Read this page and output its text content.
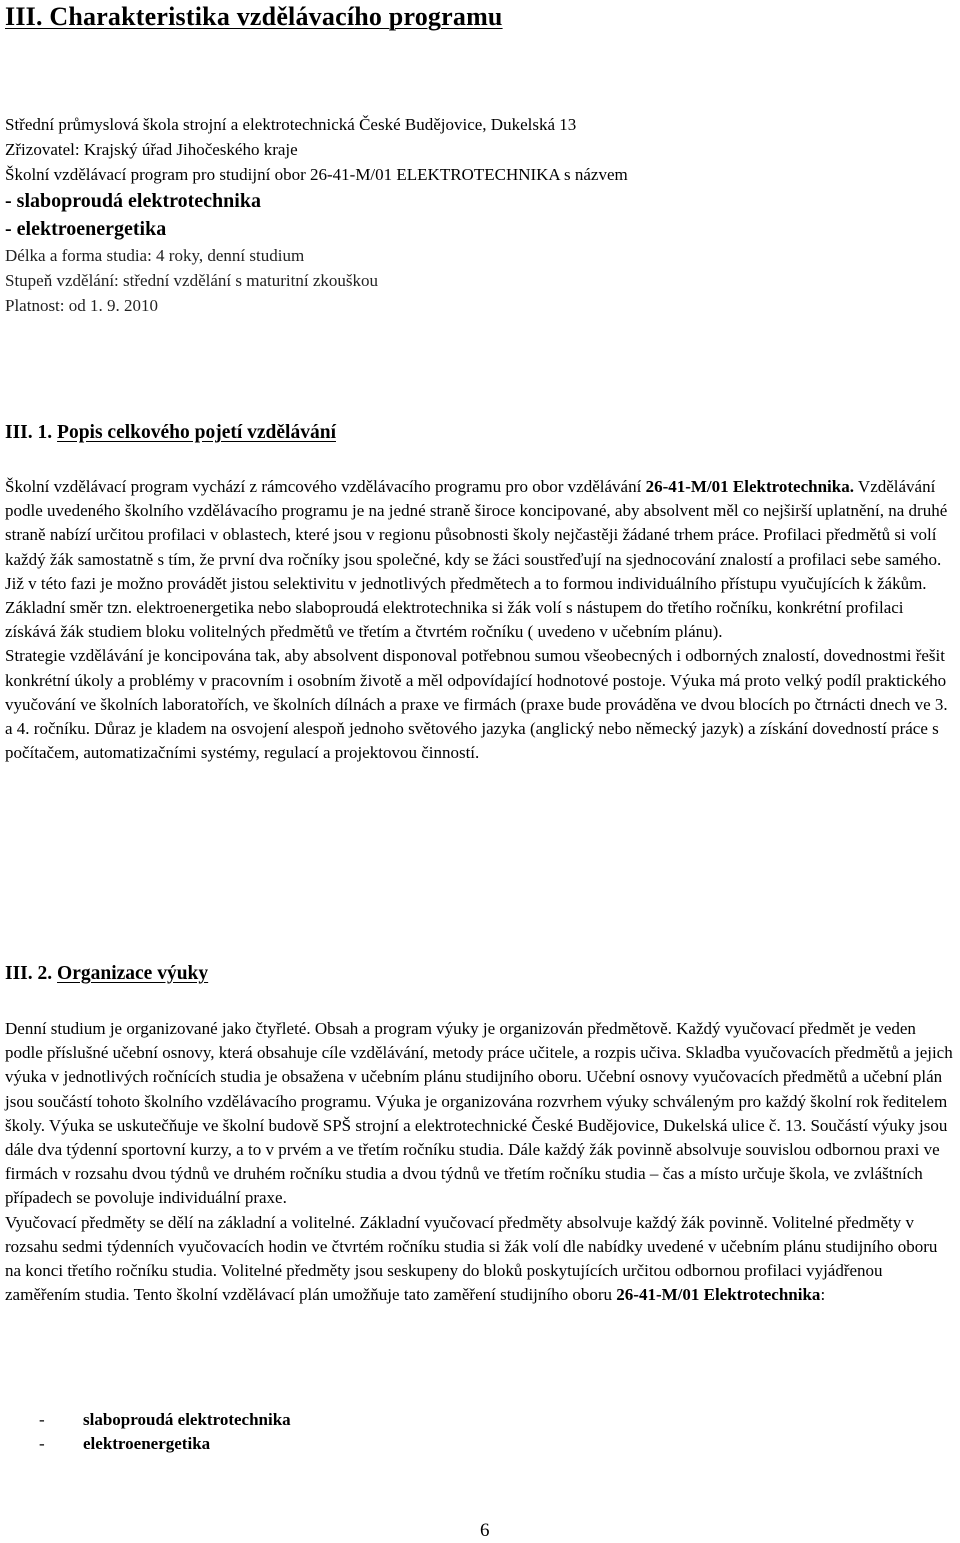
III. Charakteristika vzdělávacího programu
Střední průmyslová škola strojní a elektrotechnická České Budějovice, Dukelská 13
Zřizovatel: Krajský úřad Jihočeského kraje
Školní vzdělávací program pro studijní obor 26-41-M/01 ELEKTROTECHNIKA s názvem
- slaboproudá elektrotechnika
- elektroenergetika
Délka a forma studia: 4 roky, denní studium
Stupeň vzdělání: střední vzdělání s maturitní zkouškou
Platnost: od 1. 9. 2010
III. 1. Popis celkového pojetí vzdělávání

Školní vzdělávací program vychází z rámcového vzdělávacího programu pro obor vzdělávání 26-41-M/01 Elektrotechnika. Vzdělávání podle uvedeného školního vzdělávacího programu je na jedné straně široce koncipované, aby absolvent měl co nejširší uplatnění, na druhé straně nabízí určitou profilaci v oblastech, které jsou v regionu působnosti školy nejčastěji žádané trhem práce. Profilaci předmětů si volí každý žák samostatně s tím, že první dva ročníky jsou společné, kdy se žáci soustřeďují na sjednocování znalostí a profilaci sebe samého. Již v této fazi je možno provádět jistou selektivitu v jednotlivých předmětech a to formou individuálního přístupu vyučujících k žákům.

Základní směr tzn. elektroenergetika nebo slaboproudá elektrotechnika si žák volí s nástupem do třetího ročníku, konkrétní profilaci získává žák studiem bloku volitelných předmětů ve třetím a čtvrtém ročníku ( uvedeno v učebním plánu).

Strategie vzdělávání je koncipována tak, aby absolvent disponoval potřebnou sumou všeobecných i odborných znalostí, dovednostmi řešit konkrétní úkoly a problémy v pracovním i osobním životě a měl odpovídající hodnotové postoje. Výuka má proto velký podíl praktického vyučování ve školních laboratořích, ve školních dílnách a praxe ve firmách (praxe bude prováděna ve dvou blocích po čtrnácti dnech ve 3. a 4. ročníku. Důraz je kladem na osvojení alespoň jednoho světového jazyka (anglický nebo německý jazyk) a získání dovedností práce s počítačem, automatizačními systémy, regulací a projektovou činností.

III. 2. Organizace výuky

Denní studium je organizované jako čtyřleté. Obsah a program výuky je organizován předmětově. Každý vyučovací předmět je veden podle příslušné učební osnovy, která obsahuje cíle vzdělávání, metody práce učitele, a rozpis učiva. Skladba vyučovacích předmětů a jejich výuka v jednotlivých ročnících studia je obsažena v učebním plánu studijního oboru. Učební osnovy vyučovacích předmětů a učební plán jsou součástí tohoto školního vzdělávacího programu. Výuka je organizována rozvrhem výuky schváleným pro každý školní rok ředitelem školy. Výuka se uskutečňuje ve školní budově SPŠ strojní a elektrotechnické České Budějovice, Dukelská ulice č. 13. Součástí výuky jsou dále dva týdenní sportovní kurzy, a to v prvém a ve třetím ročníku studia. Dále každý žák povinně absolvuje souvislou odbornou praxi ve firmách v rozsahu dvou týdnů ve druhém ročníku studia a dvou týdnů ve třetím ročníku studia – čas a místo určuje škola, ve zvláštních případech se povoluje individuální praxe.

Vyučovací předměty se dělí na základní a volitelné. Základní vyučovací předměty absolvuje každý žák povinně. Volitelné předměty v rozsahu sedmi týdenních vyučovacích hodin ve čtvrtém ročníku studia si žák volí dle nabídky uvedené v učebním plánu studijního oboru na konci třetího ročníku studia. Volitelné předměty jsou seskupeny do bloků poskytujících určitou odbornou profilaci vyjádřenou zaměřením studia. Tento školní vzdělávací plán umožňuje tato zaměření studijního oboru 26-41-M/01 Elektrotechnika:

- slaboproudá elektrotechnika
- elektroenergetika
6
